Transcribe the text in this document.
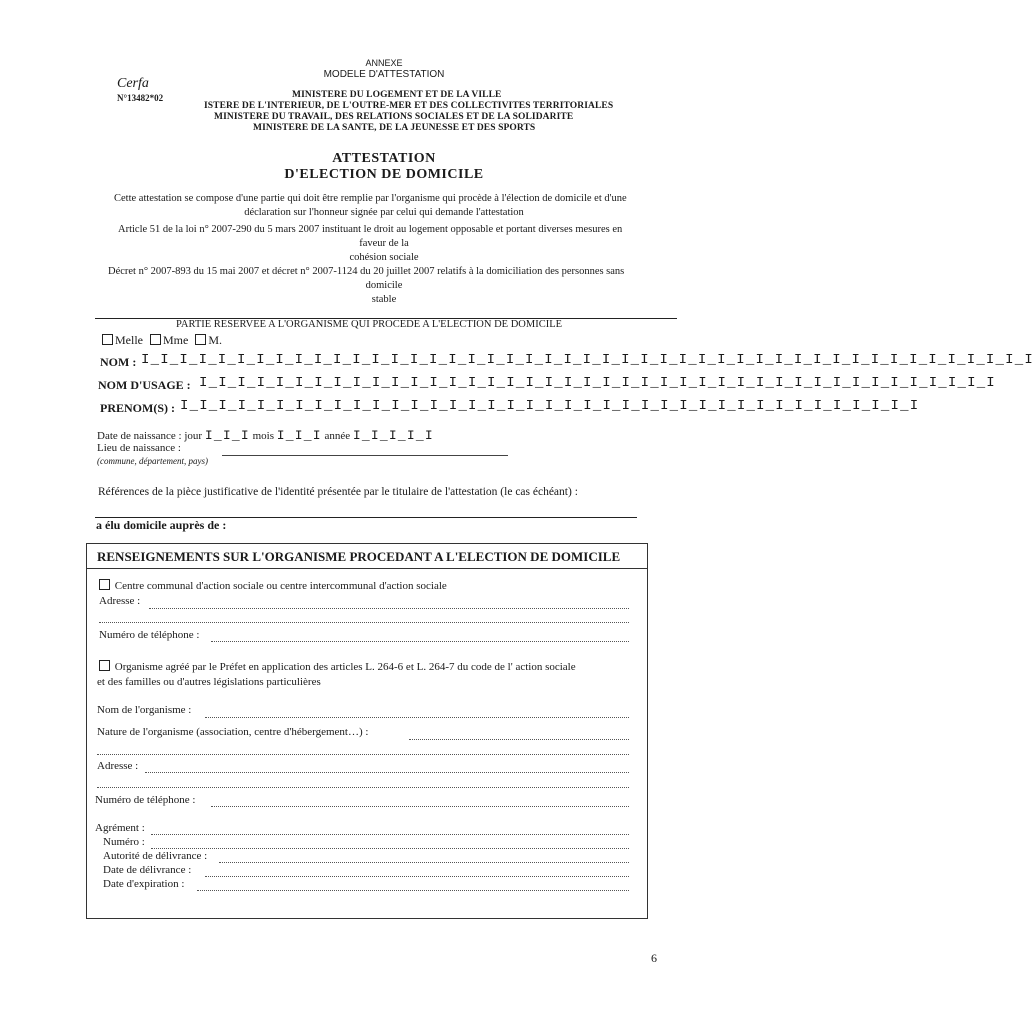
ANNEXE
MODELE D'ATTESTATION
Cerfa
N°13482*02	MINISTERE DU LOGEMENT ET DE LA VILLE
ISTERE DE L'INTERIEUR, DE L'OUTRE-MER ET DES COLLECTIVITES TERRITORIALES
MINISTERE DU TRAVAIL, DES RELATIONS SOCIALES ET DE LA SOLIDARITE
MINISTERE DE LA SANTE, DE LA JEUNESSE ET DES SPORTS
ATTESTATION
D'ELECTION DE DOMICILE
Cette attestation se compose d'une partie qui doit être remplie par l'organisme qui procède à l'élection de domicile et d'une
déclaration sur l'honneur signée par celui qui demande l'attestation
Article 51 de la loi n° 2007-290 du 5 mars 2007 instituant le droit au logement opposable et portant diverses mesures en
faveur de la
cohésion sociale
Décret n° 2007-893 du 15 mai 2007 et décret n° 2007-1124 du 20 juillet 2007 relatifs à la domiciliation des personnes sans
domicile
stable
PARTIE RESERVEE A L'ORGANISME QUI PROCEDE A L'ELECTION DE DOMICILE
Melle Mme M.
NOM : I_I_I_I_I_I_I_I_I_I_I_I_I_I_I_I_I_I_I_I_I_I_I_I_I_I_I_I_I_I_I_I_I_I_I_I_I_I_I_I_I_I_I_I_I_I_I
NOM D'USAGE : I_I_I_I_I_I_I_I_I_I_I_I_I_I_I_I_I_I_I_I_I_I_I_I_I_I_I_I_I_I_I_I_I_I_I_I_I_I_I_I_I_I
PRENOM(S) : I_I_I_I_I_I_I_I_I_I_I_I_I_I_I_I_I_I_I_I_I_I_I_I_I_I_I_I_I_I_I_I_I_I_I_I_I_I_I
Date de naissance : jour I_I_I mois I_I_I année I_I_I_I_I
Lieu de naissance :
(commune, département, pays)
Références de la pièce justificative de l'identité présentée par le titulaire de l'attestation (le cas échéant) :
a élu domicile auprès de :
RENSEIGNEMENTS SUR L'ORGANISME PROCEDANT A L'ELECTION DE DOMICILE
Centre communal d'action sociale ou centre intercommunal d'action sociale
Adresse :
Numéro de téléphone :
Organisme agréé par le Préfet en application des articles L. 264-6 et L. 264-7 du code de l' action sociale
et des familles ou d'autres législations particulières
Nom de l'organisme :
Nature de l'organisme (association, centre d'hébergement…) :
Adresse :
Numéro de téléphone :
Agrément :
Numéro :
Autorité de délivrance :
Date de délivrance :
Date d'expiration :
6
